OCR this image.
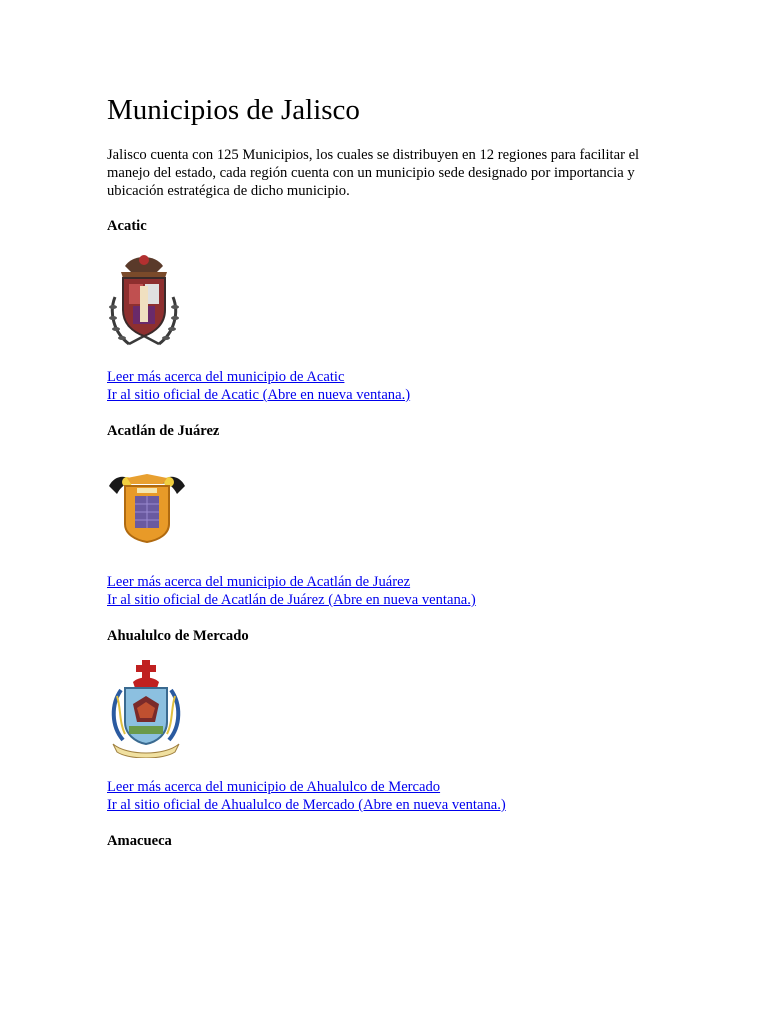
Municipios de Jalisco

Jalisco cuenta con 125 Municipios, los cuales se distribuyen en 12 regiones para facilitar el manejo del estado, cada región cuenta con un municipio sede designado por importancia y ubicación estratégica de dicho municipio.

Acatic
Leer más acerca del municipio de Acatic
Ir al sitio oficial de Acatic (Abre en nueva ventana.)
Acatlán de Juárez
Leer más acerca del municipio de Acatlán de Juárez
Ir al sitio oficial de Acatlán de Juárez (Abre en nueva ventana.)
Ahualulco de Mercado
Leer más acerca del municipio de Ahualulco de Mercado
Ir al sitio oficial de Ahualulco de Mercado (Abre en nueva ventana.)
Amacueca
